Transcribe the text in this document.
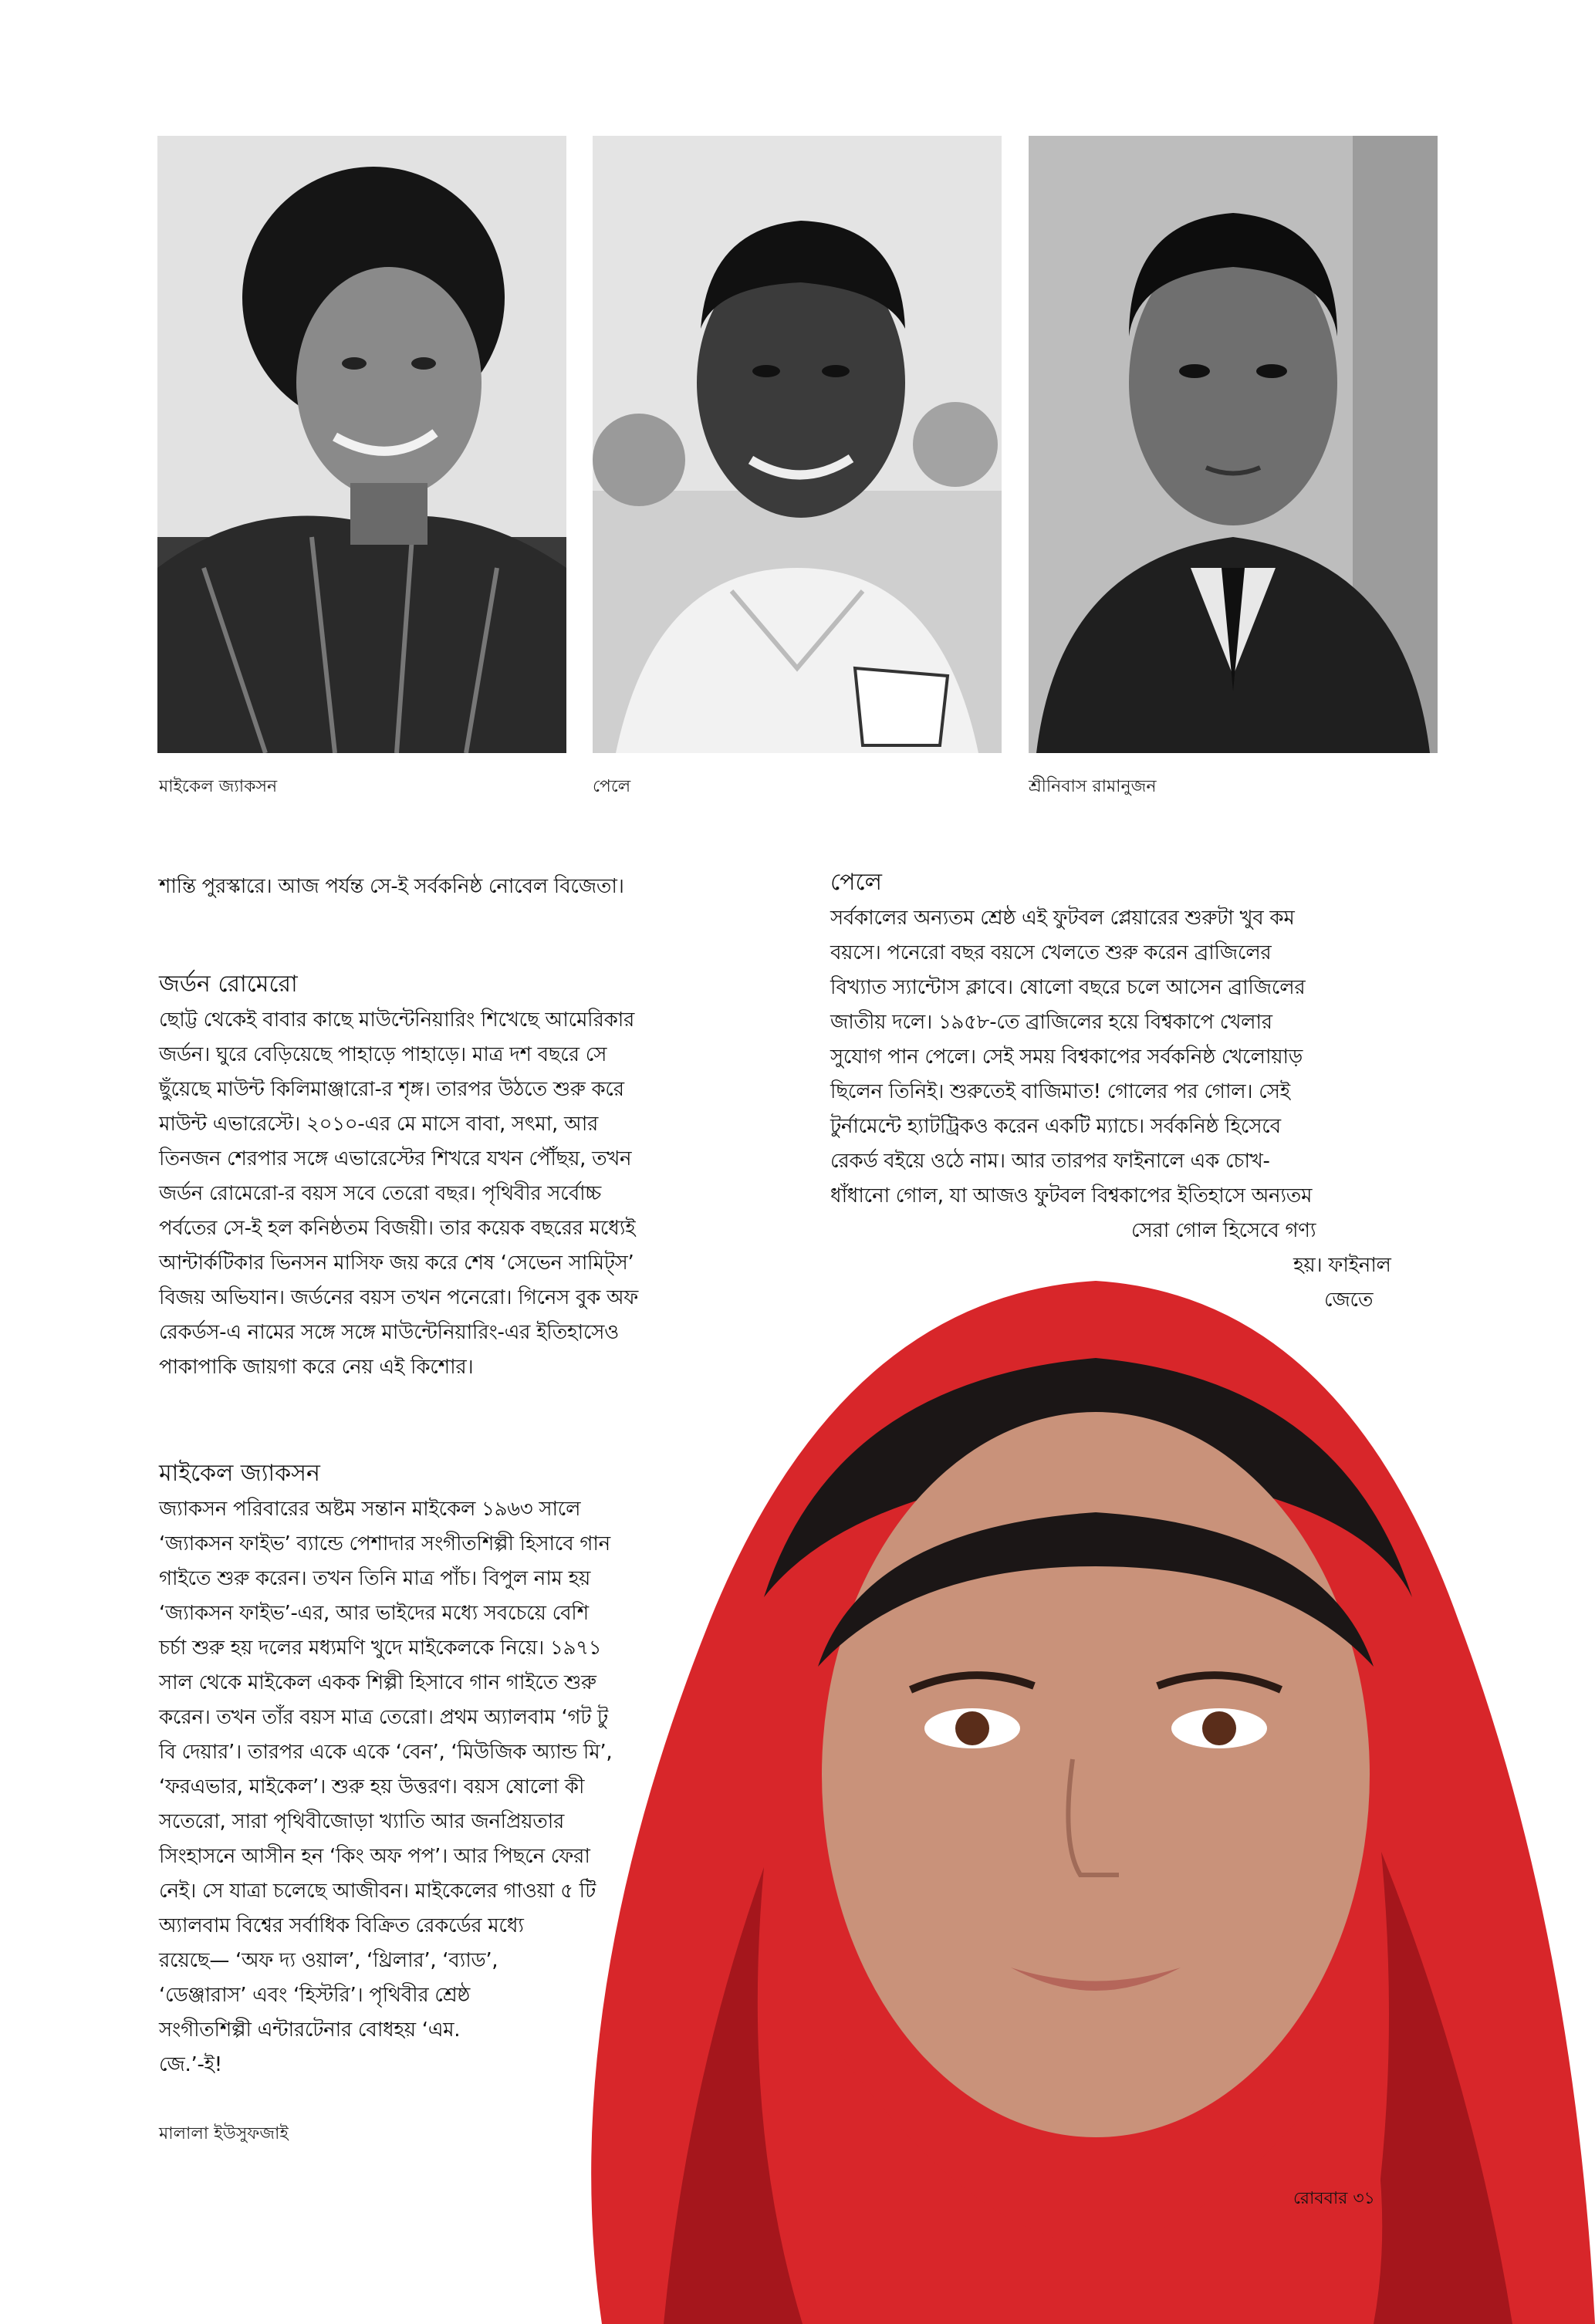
মাইকেল জ্যাকসন	পেলে	শ্রীনিবাস রামানুজন
শান্তি পুরস্কারে। আজ পর্যন্ত সে-ই সর্বকনিষ্ঠ নোবেল বিজেতা।
জর্ডন রোমেরো
ছোট্ট থেকেই বাবার কাছে মাউন্টেনিয়ারিং শিখেছে আমেরিকার
জর্ডন। ঘুরে বেড়িয়েছে পাহাড়ে পাহাড়ে। মাত্র দশ বছরে সে
ছুঁয়েছে মাউন্ট কিলিমাঞ্জারো-র শৃঙ্গ। তারপর উঠতে শুরু করে
মাউন্ট এভারেস্টে। ২০১০-এর মে মাসে বাবা, সৎমা, আর
তিনজন শেরপার সঙ্গে এভারেস্টের শিখরে যখন পৌঁছয়, তখন
জর্ডন রোমেরো-র বয়স সবে তেরো বছর। পৃথিবীর সর্বোচ্চ
পর্বতের সে-ই হল কনিষ্ঠতম বিজয়ী। তার কয়েক বছরের মধ্যেই
আন্টার্কটিকার ভিনসন মাসিফ জয় করে শেষ ‘সেভেন সামিট্স’
বিজয় অভিযান। জর্ডনের বয়স তখন পনেরো। গিনেস বুক অফ
রেকর্ডস-এ নামের সঙ্গে সঙ্গে মাউন্টেনিয়ারিং-এর ইতিহাসেও
পাকাপাকি জায়গা করে নেয় এই কিশোর।
মাইকেল জ্যাকসন
জ্যাকসন পরিবারের অষ্টম সন্তান মাইকেল ১৯৬৩ সালে
‘জ্যাকসন ফাইভ’ ব্যান্ডে পেশাদার সংগীতশিল্পী হিসাবে গান
গাইতে শুরু করেন। তখন তিনি মাত্র পাঁচ। বিপুল নাম হয়
‘জ্যাকসন ফাইভ’-এর, আর ভাইদের মধ্যে সবচেয়ে বেশি
চর্চা শুরু হয় দলের মধ্যমণি খুদে মাইকেলকে নিয়ে। ১৯৭১
সাল থেকে মাইকেল একক শিল্পী হিসাবে গান গাইতে শুরু
করেন। তখন তাঁর বয়স মাত্র তেরো। প্রথম অ্যালবাম ‘গট টু
বি দেয়ার’। তারপর একে একে ‘বেন’, ‘মিউজিক অ্যান্ড মি’,
‘ফরএভার, মাইকেল’। শুরু হয় উত্তরণ। বয়স ষোলো কী
সতেরো, সারা পৃথিবীজোড়া খ্যাতি আর জনপ্রিয়তার
সিংহাসনে আসীন হন ‘কিং অফ পপ’। আর পিছনে ফেরা
নেই। সে যাত্রা চলেছে আজীবন। মাইকেলের গাওয়া ৫ টি
অ্যালবাম বিশ্বের সর্বাধিক বিক্রিত রেকর্ডের মধ্যে
রয়েছে— ‘অফ দ্য ওয়াল’, ‘থ্রিলার’, ‘ব্যাড’,
‘ডেঞ্জারাস’ এবং ‘হিস্টরি’। পৃথিবীর শ্রেষ্ঠ
সংগীতশিল্পী এন্টারটেনার বোধহয় ‘এম.
জে.’-ই!
মালালা ইউসুফজাই
পেলে
সর্বকালের অন্যতম শ্রেষ্ঠ এই ফুটবল প্লেয়ারের শুরুটা খুব কম
বয়সে। পনেরো বছর বয়সে খেলতে শুরু করেন ব্রাজিলের
বিখ্যাত স্যান্টোস ক্লাবে। ষোলো বছরে চলে আসেন ব্রাজিলের
জাতীয় দলে। ১৯৫৮-তে ব্রাজিলের হয়ে বিশ্বকাপে খেলার
সুযোগ পান পেলে। সেই সময় বিশ্বকাপের সর্বকনিষ্ঠ খেলোয়াড়
ছিলেন তিনিই। শুরুতেই বাজিমাত! গোলের পর গোল। সেই
টুর্নামেন্টে হ্যাটট্রিকও করেন একটি ম্যাচে। সর্বকনিষ্ঠ হিসেবে
রেকর্ড বইয়ে ওঠে নাম। আর তারপর ফাইনালে এক চোখ-
ধাঁধানো গোল, যা আজও ফুটবল বিশ্বকাপের ইতিহাসে অন্যতম
সেরা গোল হিসেবে গণ্য
হয়। ফাইনাল
জেতে
রোববার ৩১
